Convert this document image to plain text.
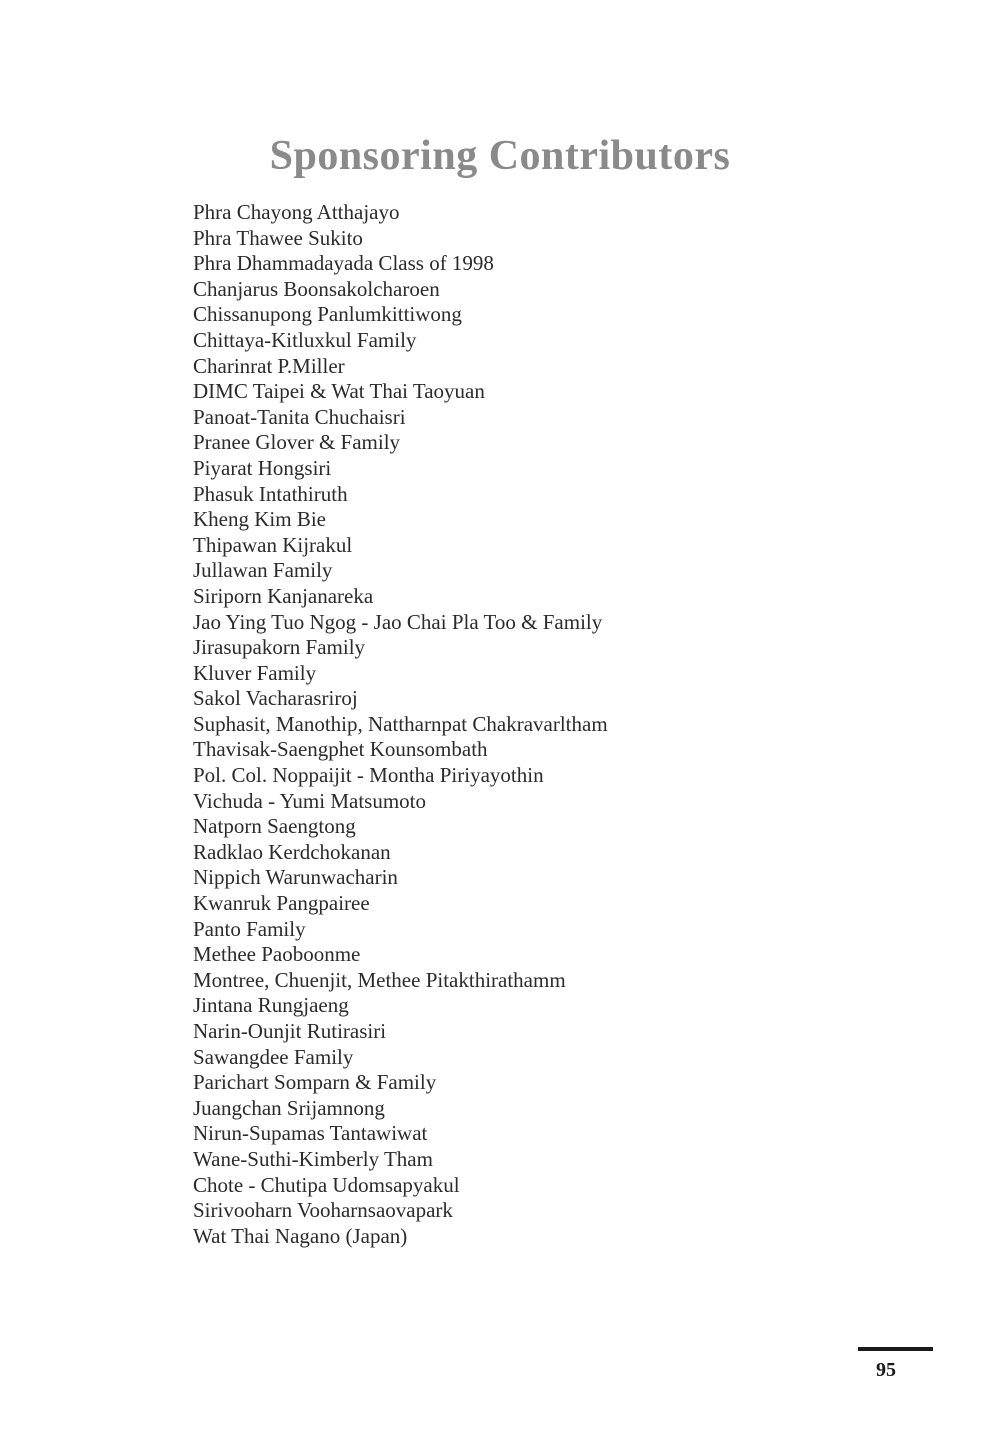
Sponsoring Contributors
Phra Chayong Atthajayo
Phra Thawee Sukito
Phra Dhammadayada Class of 1998
Chanjarus Boonsakolcharoen
Chissanupong Panlumkittiwong
Chittaya-Kitluxkul Family
Charinrat P.Miller
DIMC Taipei & Wat Thai Taoyuan
Panoat-Tanita Chuchaisri
Pranee Glover & Family
Piyarat Hongsiri
Phasuk Intathiruth
Kheng Kim Bie
Thipawan Kijrakul
Jullawan Family
Siriporn Kanjanareka
Jao Ying Tuo Ngog - Jao Chai Pla Too & Family
Jirasupakorn Family
Kluver Family
Sakol Vacharasriroj
Suphasit, Manothip, Nattharnpat Chakravarltham
Thavisak-Saengphet Kounsombath
Pol. Col. Noppaijit - Montha Piriyayothin
Vichuda - Yumi Matsumoto
Natporn Saengtong
Radklao Kerdchokanan
Nippich Warunwacharin
Kwanruk Pangpairee
Panto Family
Methee Paoboonme
Montree, Chuenjit, Methee Pitakthirathamm
Jintana Rungjaeng
Narin-Ounjit Rutirasiri
Sawangdee Family
Parichart Somparn & Family
Juangchan Srijamnong
Nirun-Supamas Tantawiwat
Wane-Suthi-Kimberly Tham
Chote - Chutipa Udomsapyakul
Sirivooharn Vooharnsaovapark
Wat Thai Nagano (Japan)
95
